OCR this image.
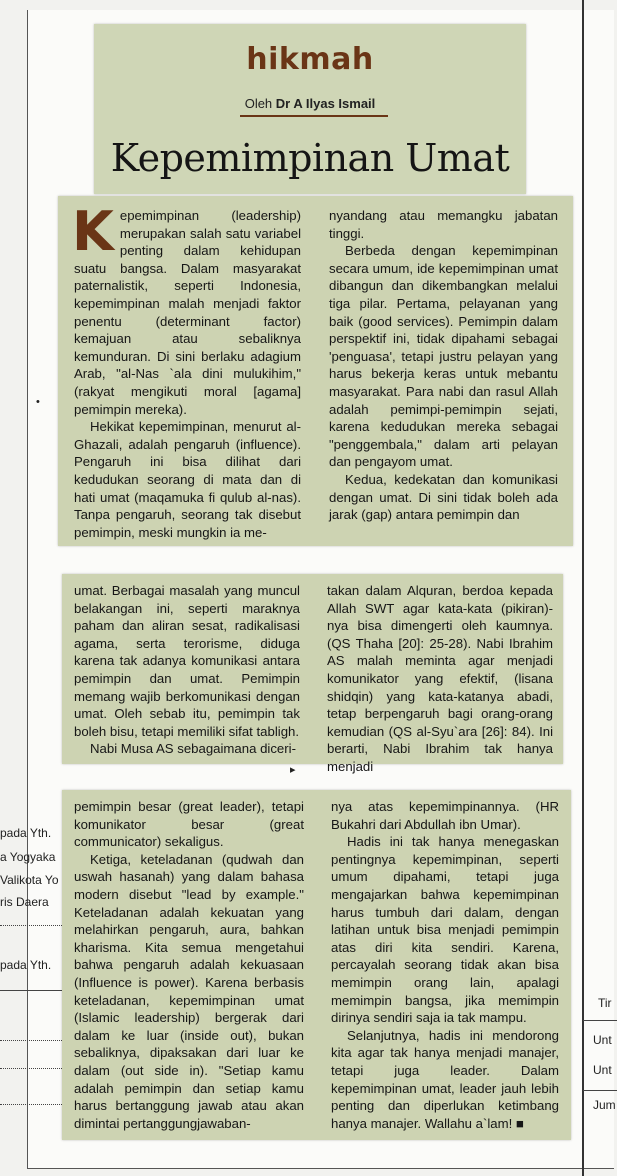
pada Yth.
a Yogyaka
Valikota Yo
ris Daera
pada Yth.
Tir
Unt
Unt
Jum
•
▸
hikmah
Oleh Dr A Ilyas Ismail
Kepemimpinan Umat
K epemimpinan (leadership) merupakan salah satu variabel penting dalam kehidupan suatu bangsa. Dalam masyarakat paternalistik, seperti Indonesia, kepemimpinan malah menjadi faktor penentu (determinant factor) kemajuan atau sebaliknya kemunduran. Di sini berlaku adagium Arab, "al-Nas `ala dini mulukihim," (rakyat mengikuti moral [agama] pemimpin mereka).

Hekikat kepemimpinan, menurut al-Ghazali, adalah pengaruh (influence). Pengaruh ini bisa dilihat dari kedudukan seorang di mata dan di hati umat (maqamuka fi qulub al-nas). Tanpa pengaruh, seorang tak disebut pemimpin, meski mungkin ia me-

nyandang atau memangku jabatan tinggi.

Berbeda dengan kepemimpinan secara umum, ide kepemimpinan umat dibangun dan dikembangkan melalui tiga pilar. Pertama, pelayanan yang baik (good services). Pemimpin dalam perspektif ini, tidak dipahami sebagai 'penguasa', tetapi justru pelayan yang harus bekerja keras untuk mebantu masyarakat. Para nabi dan rasul Allah adalah pemimpi-pemimpin sejati, karena kedudukan mereka sebagai "penggembala," dalam arti pelayan dan pengayom umat.

Kedua, kedekatan dan komunikasi dengan umat. Di sini tidak boleh ada jarak (gap) antara pemimpin dan

umat. Berbagai masalah yang muncul belakangan ini, seperti maraknya paham dan aliran sesat, radikalisasi agama, serta terorisme, diduga karena tak adanya komunikasi antara pemimpin dan umat. Pemimpin memang wajib berkomunikasi dengan umat. Oleh sebab itu, pemimpin tak boleh bisu, tetapi memiliki sifat tabligh.

Nabi Musa AS sebagaimana diceri-

takan dalam Alquran, berdoa kepada Allah SWT agar kata-kata (pikiran)-nya bisa dimengerti oleh kaumnya. (QS Thaha [20]: 25-28). Nabi Ibrahim AS malah meminta agar menjadi komunikator yang efektif, (lisana shidqin) yang kata-katanya abadi, tetap berpengaruh bagi orang-orang kemudian (QS al-Syu`ara [26]: 84). Ini berarti, Nabi Ibrahim tak hanya menjadi

pemimpin besar (great leader), tetapi komunikator besar (great communicator) sekaligus.

Ketiga, keteladanan (qudwah dan uswah hasanah) yang dalam bahasa modern disebut "lead by example." Keteladanan adalah kekuatan yang melahirkan pengaruh, aura, bahkan kharisma. Kita semua mengetahui bahwa pengaruh adalah kekuasaan (Influence is power). Karena berbasis keteladanan, kepemimpinan umat (Islamic leadership) bergerak dari dalam ke luar (inside out), bukan sebaliknya, dipaksakan dari luar ke dalam (out side in). "Setiap kamu adalah pemimpin dan setiap kamu harus bertanggung jawab atau akan dimintai pertanggungjawaban-

nya atas kepemimpinannya. (HR Bukahri dari Abdullah ibn Umar).

Hadis ini tak hanya menegaskan pentingnya kepemimpinan, seperti umum dipahami, tetapi juga mengajarkan bahwa kepemimpinan harus tumbuh dari dalam, dengan latihan untuk bisa menjadi pemimpin atas diri kita sendiri. Karena, percayalah seorang tidak akan bisa memimpin orang lain, apalagi memimpin bangsa, jika memimpin dirinya sendiri saja ia tak mampu.

Selanjutnya, hadis ini mendorong kita agar tak hanya menjadi manajer, tetapi juga leader. Dalam kepemimpinan umat, leader jauh lebih penting dan diperlukan ketimbang hanya manajer. Wallahu a`lam! ■
